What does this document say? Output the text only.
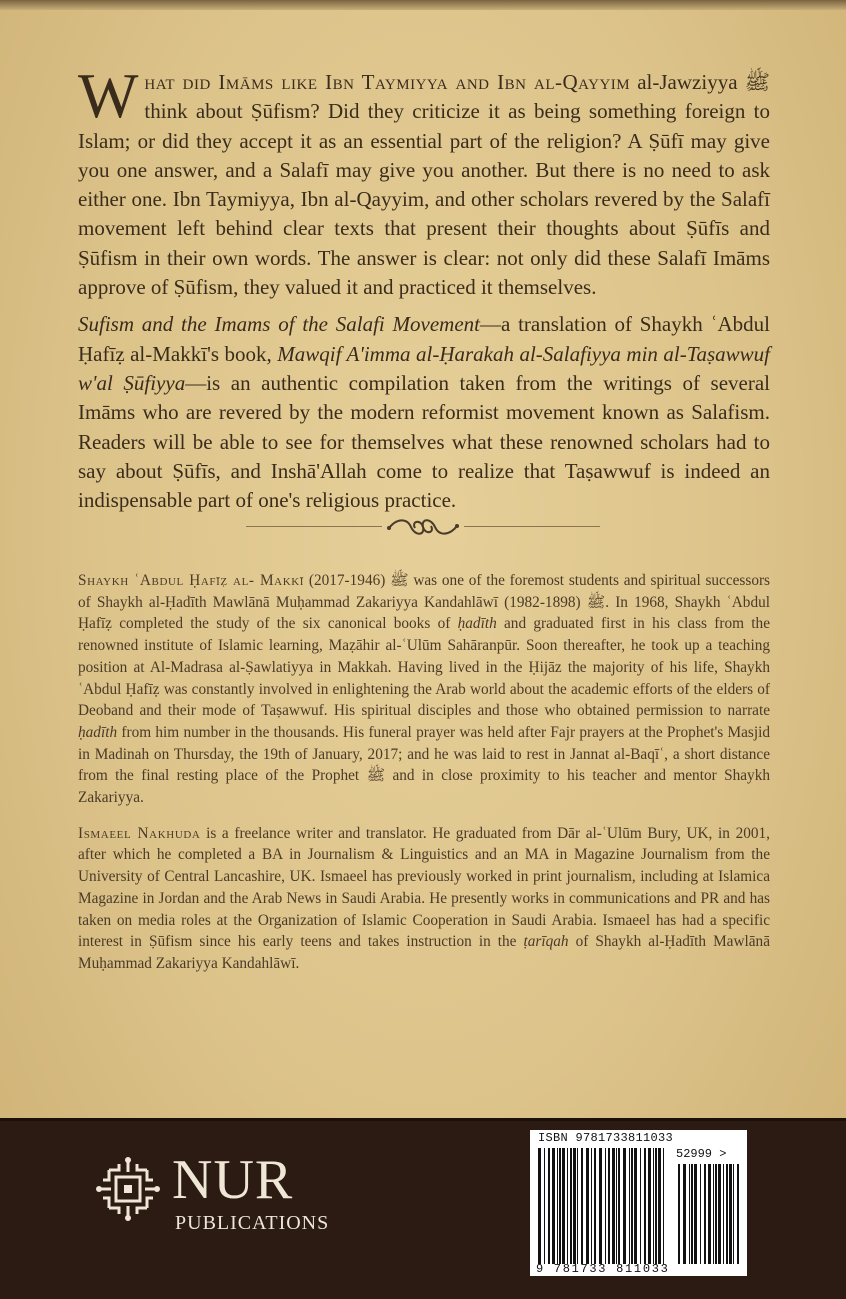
What did Imāms like Ibn Taymiyya and Ibn al-Qayyim al-Jawziyya ﷺ think about Ṣūfism? Did they criticize it as being something foreign to Islam; or did they accept it as an essential part of the religion? A Ṣūfī may give you one answer, and a Salafī may give you another. But there is no need to ask either one. Ibn Taymiyya, Ibn al-Qayyim, and other scholars revered by the Salafī movement left behind clear texts that present their thoughts about Ṣūfīs and Ṣūfism in their own words. The answer is clear: not only did these Salafī Imāms approve of Ṣūfism, they valued it and practiced it themselves.

Sufism and the Imams of the Salafi Movement—a translation of Shaykh ʿAbdul Ḥafīẓ al-Makkī's book, Mawqif A'imma al-Ḥarakah al-Salafiyya min al-Taṣawwuf w'al Ṣūfiyya—is an authentic compilation taken from the writings of several Imāms who are revered by the modern reformist movement known as Salafism. Readers will be able to see for themselves what these renowned scholars had to say about Ṣūfīs, and Inshā'Allah come to realize that Taṣawwuf is indeed an indispensable part of one's religious practice.

Shaykh ʿAbdul Ḥafīẓ al- Makkī ﷺ (1946-2017) was one of the foremost students and spiritual successors of Shaykh al-Ḥadīth Mawlānā Muḥammad Zakariyya Kandahlāwī ﷺ (1898-1982). In 1968, Shaykh ʿAbdul Ḥafīẓ completed the study of the six canonical books of ḥadīth and graduated first in his class from the renowned institute of Islamic learning, Maẓāhir al-ʿUlūm Sahāranpūr. Soon thereafter, he took up a teaching position at Al-Madrasa al-Ṣawlatiyya in Makkah. Having lived in the Ḥijāz the majority of his life, Shaykh ʿAbdul Ḥafīẓ was constantly involved in enlightening the Arab world about the academic efforts of the elders of Deoband and their mode of Taṣawwuf. His spiritual disciples and those who obtained permission to narrate ḥadīth from him number in the thousands. His funeral prayer was held after Fajr prayers at the Prophet's Masjid in Madinah on Thursday, the 19th of January, 2017; and he was laid to rest in Jannat al-Baqīʿ, a short distance from the final resting place of the Prophet ﷺ and in close proximity to his teacher and mentor Shaykh Zakariyya.

Ismaeel Nakhuda is a freelance writer and translator. He graduated from Dār al-ʿUlūm Bury, UK, in 2001, after which he completed a BA in Journalism & Linguistics and an MA in Magazine Journalism from the University of Central Lancashire, UK. Ismaeel has previously worked in print journalism, including at Islamica Magazine in Jordan and the Arab News in Saudi Arabia. He presently works in communications and PR and has taken on media roles at the Organization of Islamic Cooperation in Saudi Arabia. Ismaeel has had a specific interest in Ṣūfism since his early teens and takes instruction in the ṭarīqah of Shaykh al-Ḥadīth Mawlānā Muḥammad Zakariyya Kandahlāwī.

NUR
PUBLICATIONS
ISBN 9781733811033
52999 >
9 781733 811033
